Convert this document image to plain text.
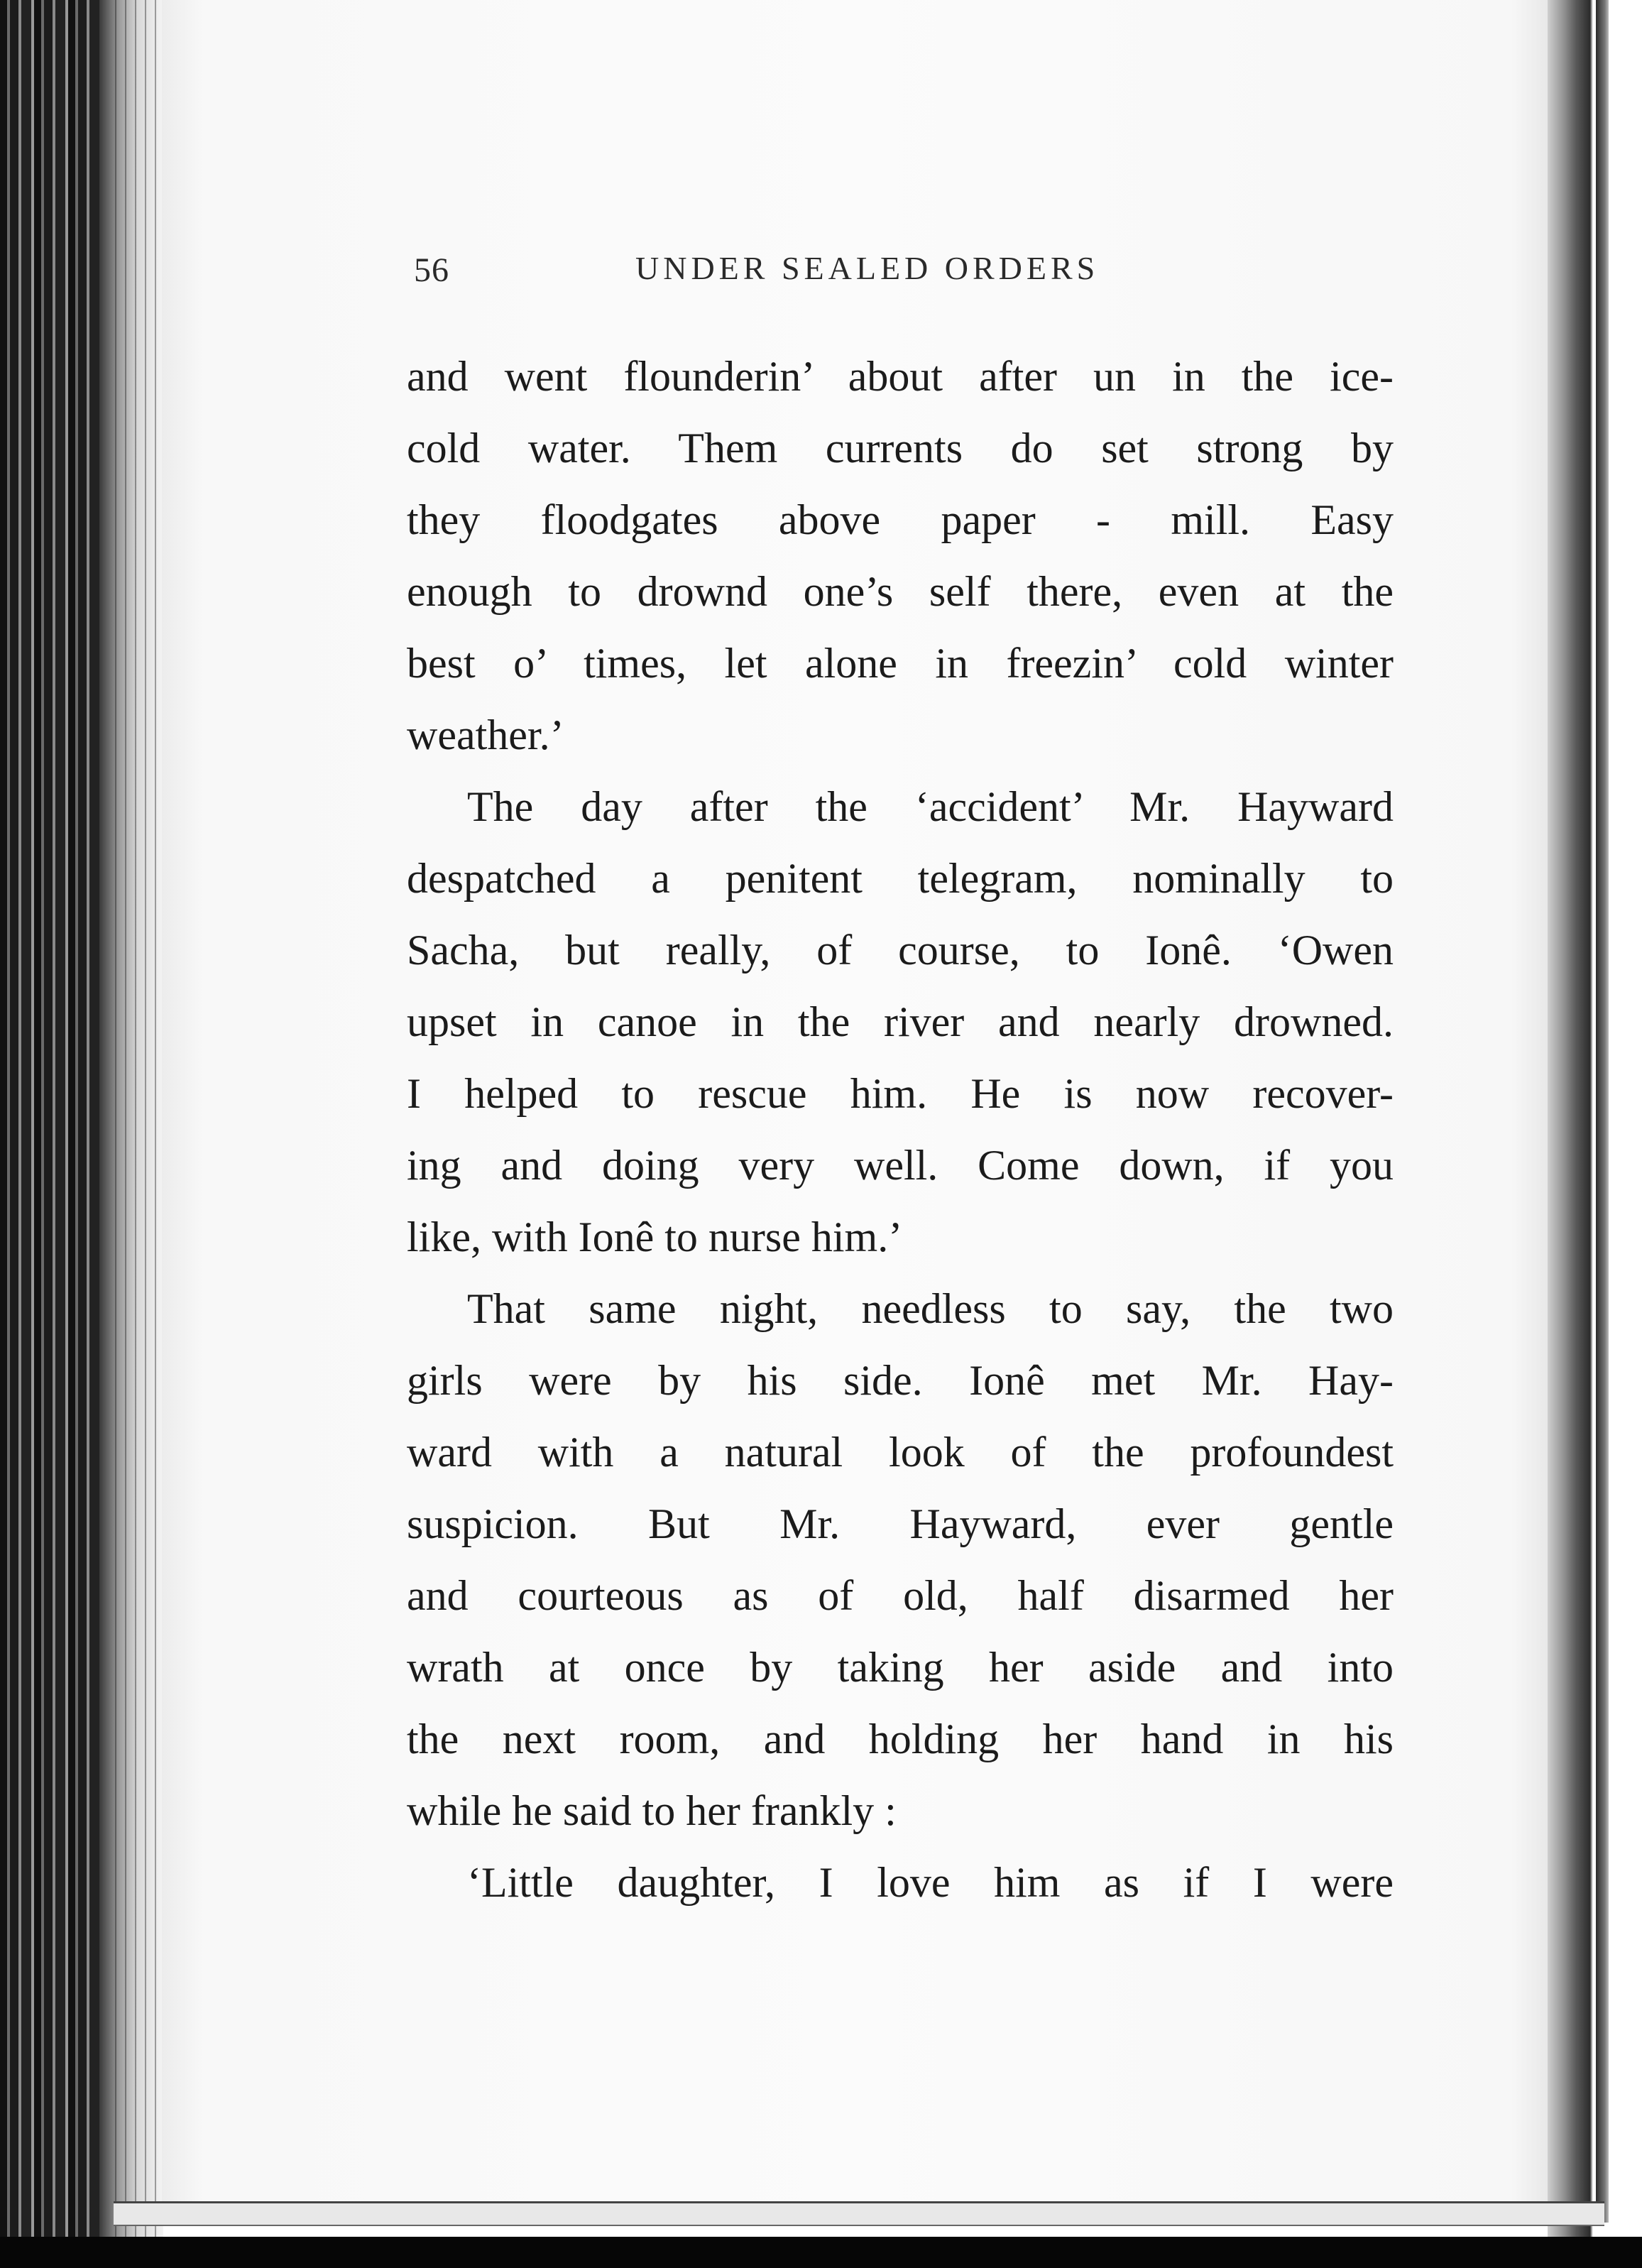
56	UNDER SEALED ORDERS
and went flounderin’ about after un in the ice-
cold water. Them currents do set strong by
they floodgates above paper - mill. Easy
enough to drownd one’s self there, even at the
best o’ times, let alone in freezin’ cold winter
weather.’
The day after the ‘accident’ Mr. Hayward
despatched a penitent telegram, nominally to
Sacha, but really, of course, to Ionê. ‘Owen
upset in canoe in the river and nearly drowned.
I helped to rescue him. He is now recover-
ing and doing very well. Come down, if you
like, with Ionê to nurse him.’
That same night, needless to say, the two
girls were by his side. Ionê met Mr. Hay-
ward with a natural look of the profoundest
suspicion. But Mr. Hayward, ever gentle
and courteous as of old, half disarmed her
wrath at once by taking her aside and into
the next room, and holding her hand in his
while he said to her frankly :
‘Little daughter, I love him as if I were
